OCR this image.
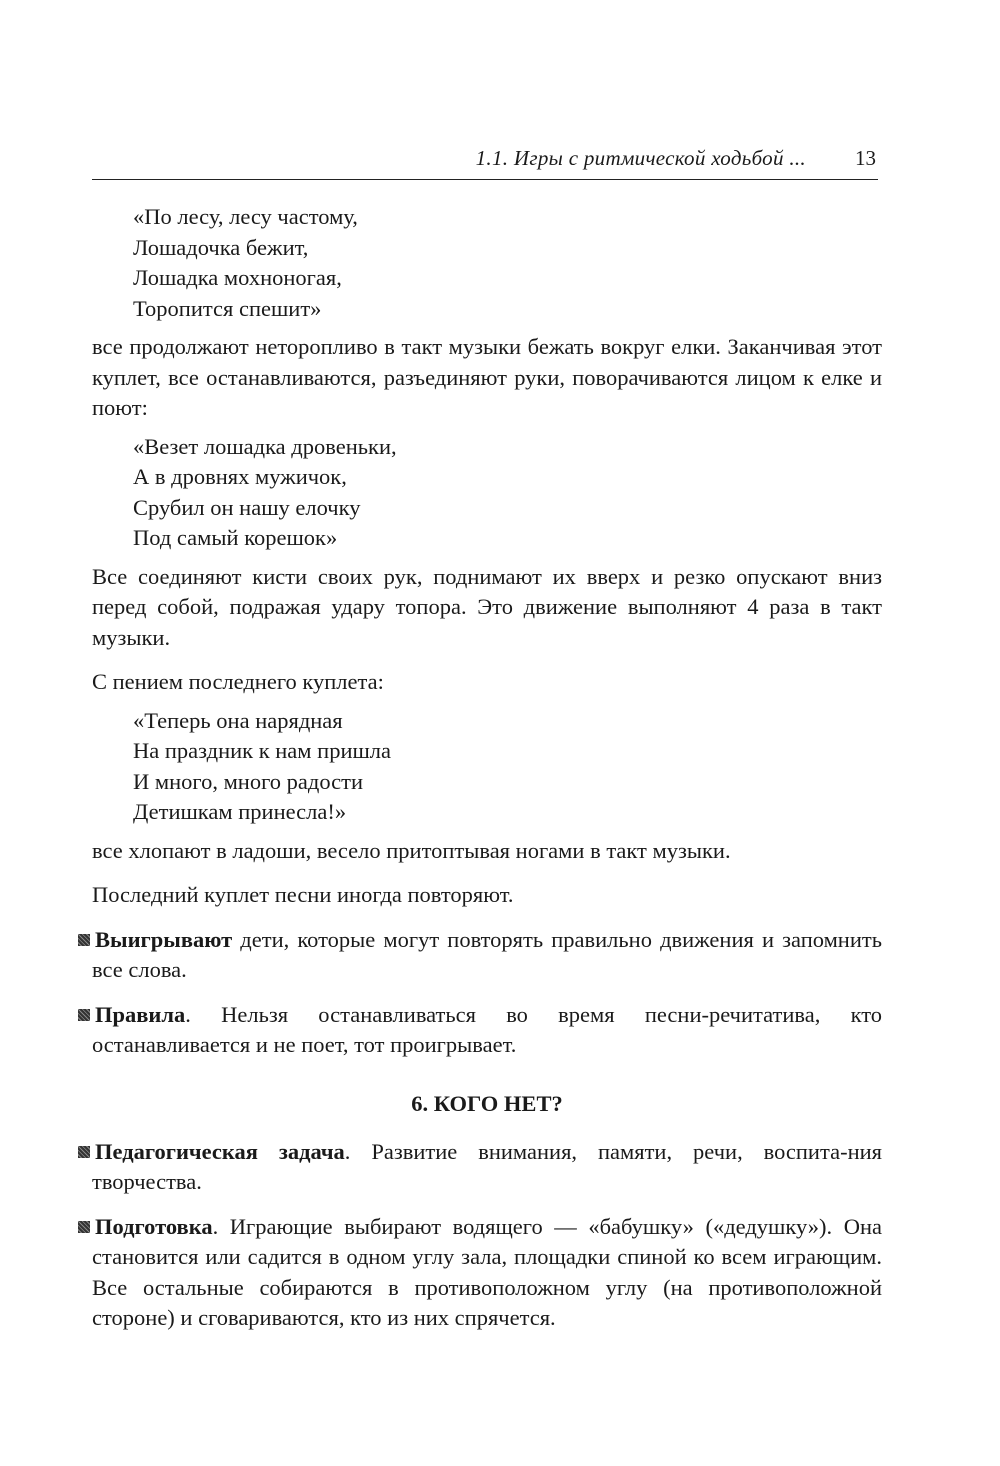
1.1. Игры с ритмической ходьбой ... 13
«По лесу, лесу частому,
Лошадочка бежит,
Лошадка мохноногая,
Торопится спешит»

все продолжают неторопливо в такт музыки бежать вокруг елки. Заканчивая этот куплет, все останавливаются, разъединяют руки, поворачиваются лицом к елке и поют:

«Везет лошадка дровеньки,
А в дровнях мужичок,
Срубил он нашу елочку
Под самый корешок»

Все соединяют кисти своих рук, поднимают их вверх и резко опускают вниз перед собой, подражая удару топора. Это движение выполняют 4 раза в такт музыки.

С пением последнего куплета:

«Теперь она нарядная
На праздник к нам пришла
И много, много радости
Детишкам принесла!»

все хлопают в ладоши, весело притоптывая ногами в такт музыки.

Последний куплет песни иногда повторяют.

Выигрывают дети, которые могут повторять правильно движения и запомнить все слова.

Правила. Нельзя останавливаться во время песни-речитатива, кто останавливается и не поет, тот проигрывает.

6. КОГО НЕТ?

Педагогическая задача. Развитие внимания, памяти, речи, воспита-ния творчества.

Подготовка. Играющие выбирают водящего — «бабушку» («дедушку»). Она становится или садится в одном углу зала, площадки спиной ко всем играющим. Все остальные собираются в противоположном углу (на противоположной стороне) и сговариваются, кто из них спрячется.
